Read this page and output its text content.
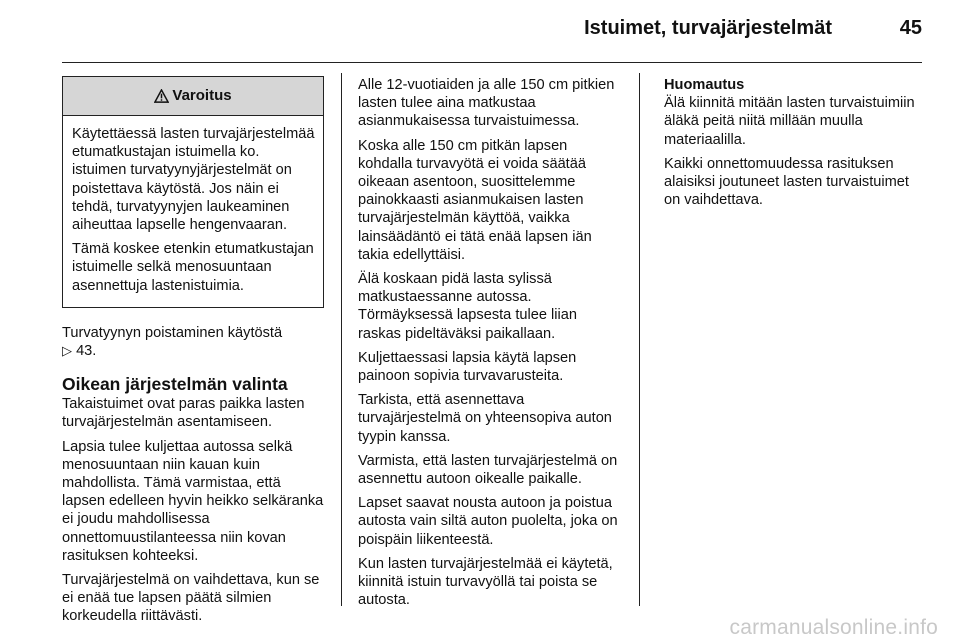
Istuimet, turvajärjestelmät	45
Varoitus

Käytettäessä lasten turvajärjestelmää etumatkustajan istuimella ko. istuimen turvatyynyjärjestelmät on poistettava käytöstä. Jos näin ei tehdä, turvatyynyjen laukeaminen aiheuttaa lapselle hengenvaaran.

Tämä koskee etenkin etumatkustajan istuimelle selkä menosuuntaan asennettuja lastenistuimia.

Turvatyynyn poistaminen käytöstä
▷ 43.

Oikean järjestelmän valinta

Takaistuimet ovat paras paikka lasten turvajärjestelmän asentamiseen.

Lapsia tulee kuljettaa autossa selkä menosuuntaan niin kauan kuin mahdollista. Tämä varmistaa, että lapsen edelleen hyvin heikko selkäranka ei joudu mahdollisessa onnettomuustilanteessa niin kovan rasituksen kohteeksi.

Turvajärjestelmä on vaihdettava, kun se ei enää tue lapsen päätä silmien korkeudella riittävästi.

Alle 12-vuotiaiden ja alle 150 cm pitkien lasten tulee aina matkustaa asianmukaisessa turvaistuimessa.

Koska alle 150 cm pitkän lapsen kohdalla turvavyötä ei voida säätää oikeaan asentoon, suosittelemme painokkaasti asianmukaisen lasten turvajärjestelmän käyttöä, vaikka lainsäädäntö ei tätä enää lapsen iän takia edellyttäisi.

Älä koskaan pidä lasta sylissä matkustaessanne autossa. Törmäyksessä lapsesta tulee liian raskas pideltäväksi paikallaan.

Kuljettaessasi lapsia käytä lapsen painoon sopivia turvavarusteita.

Tarkista, että asennettava turvajärjestelmä on yhteensopiva auton tyypin kanssa.

Varmista, että lasten turvajärjestelmä on asennettu autoon oikealle paikalle.

Lapset saavat nousta autoon ja poistua autosta vain siltä auton puolelta, joka on poispäin liikenteestä.

Kun lasten turvajärjestelmää ei käytetä, kiinnitä istuin turvavyöllä tai poista se autosta.

Huomautus

Älä kiinnitä mitään lasten turvaistuimiin äläkä peitä niitä millään muulla materiaalilla.

Kaikki onnettomuudessa rasituksen alaisiksi joutuneet lasten turvaistuimet on vaihdettava.

carmanualsonline.info
